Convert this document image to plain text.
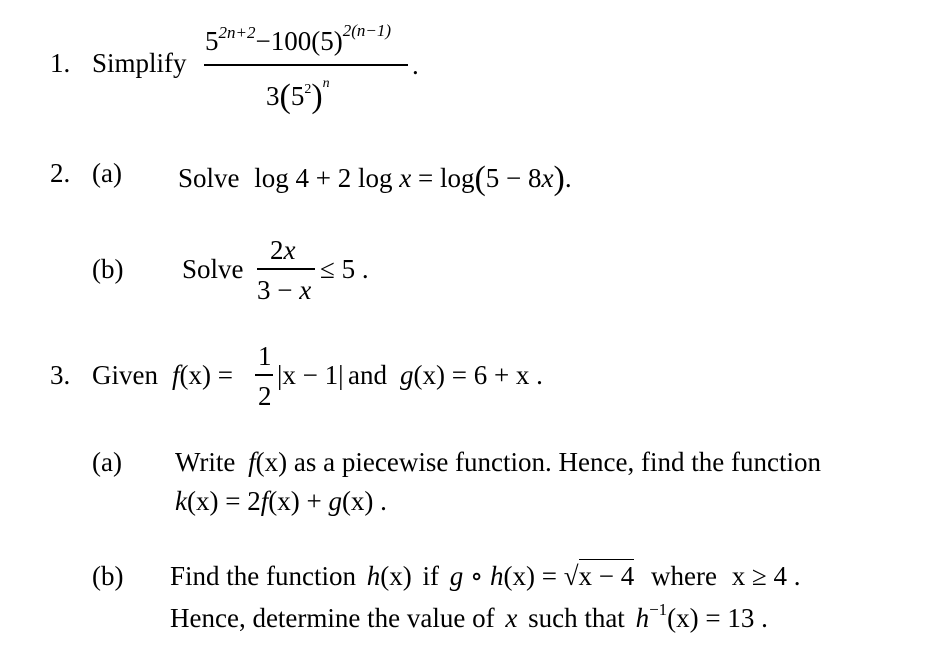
1. Simplify
$5^{2n+2}-100(5)^{2(n-1)}$
$3(5^2)^n$
.
2. (a) Solve log 4 + 2 log x = log(5 − 8x).
(b) Solve
2x
3 − x
≤ 5 .
3. Given f(x) =
1
2
|x − 1| and g(x) = 6 + x .
(a) Write f(x) as a piecewise function. Hence, find the function
k(x) = 2f(x) + g(x) .
(b) Find the function h(x) if g ∘ h(x) = √x − 4 where x ≥ 4 .
Hence, determine the value of x such that $h^{-1}(x) = 13$ .
